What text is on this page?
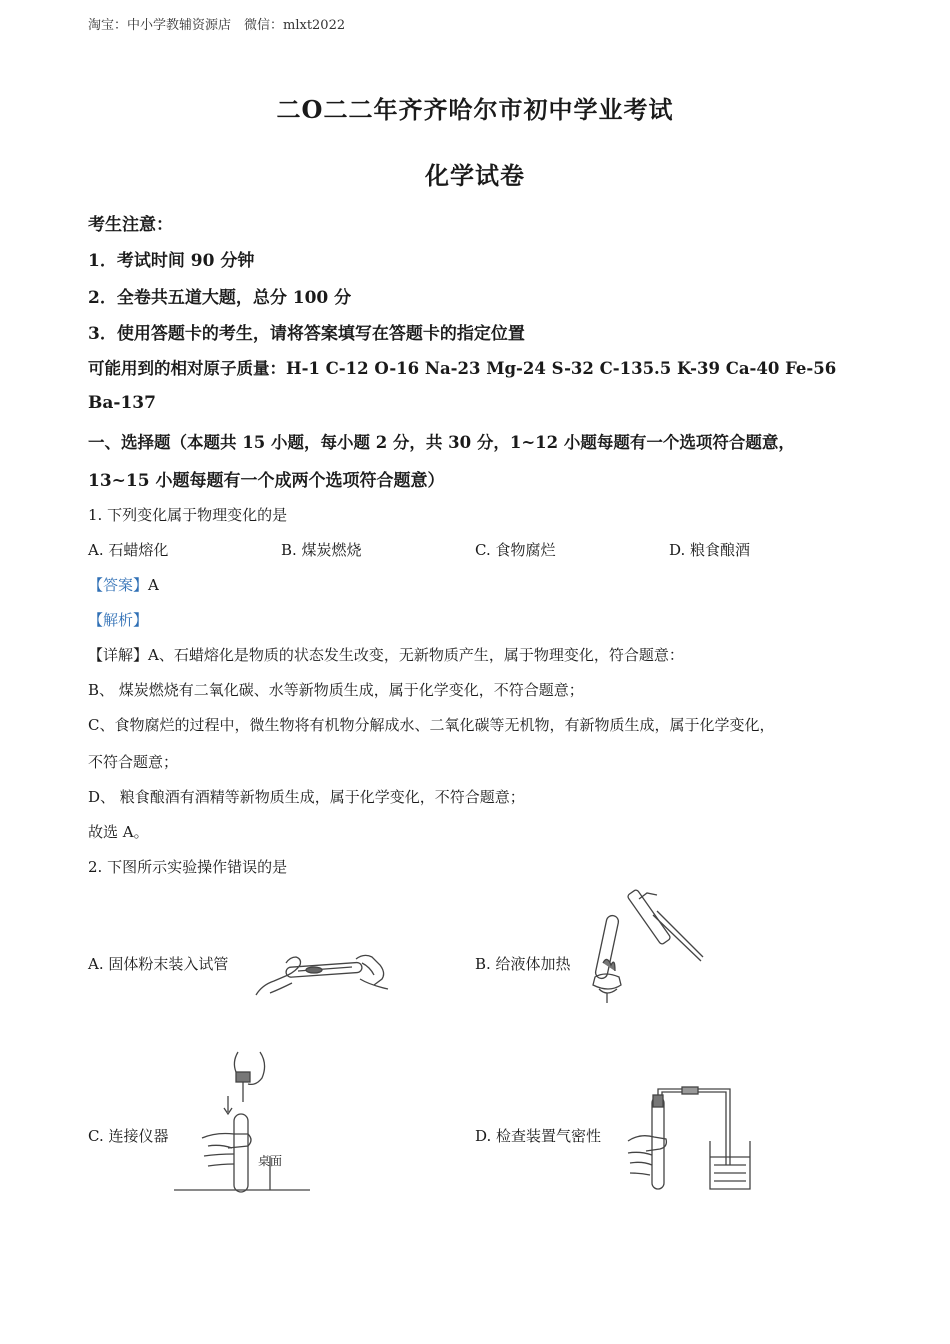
淘宝：中小学教辅资源店　微信：mlxt2022
二O二二年齐齐哈尔市初中学业考试
化学试卷
考生注意：
1．考试时间 90 分钟
2．全卷共五道大题，总分 100 分
3．使用答题卡的考生，请将答案填写在答题卡的指定位置
可能用到的相对原子质量：H-1 C-12 O-16 Na-23 Mg-24 S-32 C-135.5 K-39 Ca-40 Fe-56
Ba-137
一、选择题（本题共 15 小题，每小题 2 分，共 30 分，1~12 小题每题有一个选项符合题意，
13~15 小题每题有一个成两个选项符合题意）
1. 下列变化属于物理变化的是
A. 石蜡熔化	B. 煤炭燃烧	C. 食物腐烂	D. 粮食酿酒
【答案】A
【解析】
【详解】A、石蜡熔化是物质的状态发生改变，无新物质产生，属于物理变化，符合题意：
B、 煤炭燃烧有二氧化碳、水等新物质生成，属于化学变化，不符合题意；
C、食物腐烂的过程中，微生物将有机物分解成水、二氧化碳等无机物，有新物质生成，属于化学变化，
不符合题意；
D、 粮食酿酒有酒精等新物质生成，属于化学变化，不符合题意；
故选 A。
2. 下图所示实验操作错误的是
A. 固体粉末装入试管	B. 给液体加热
C. 连接仪器	D. 检查装置气密性
桌面
